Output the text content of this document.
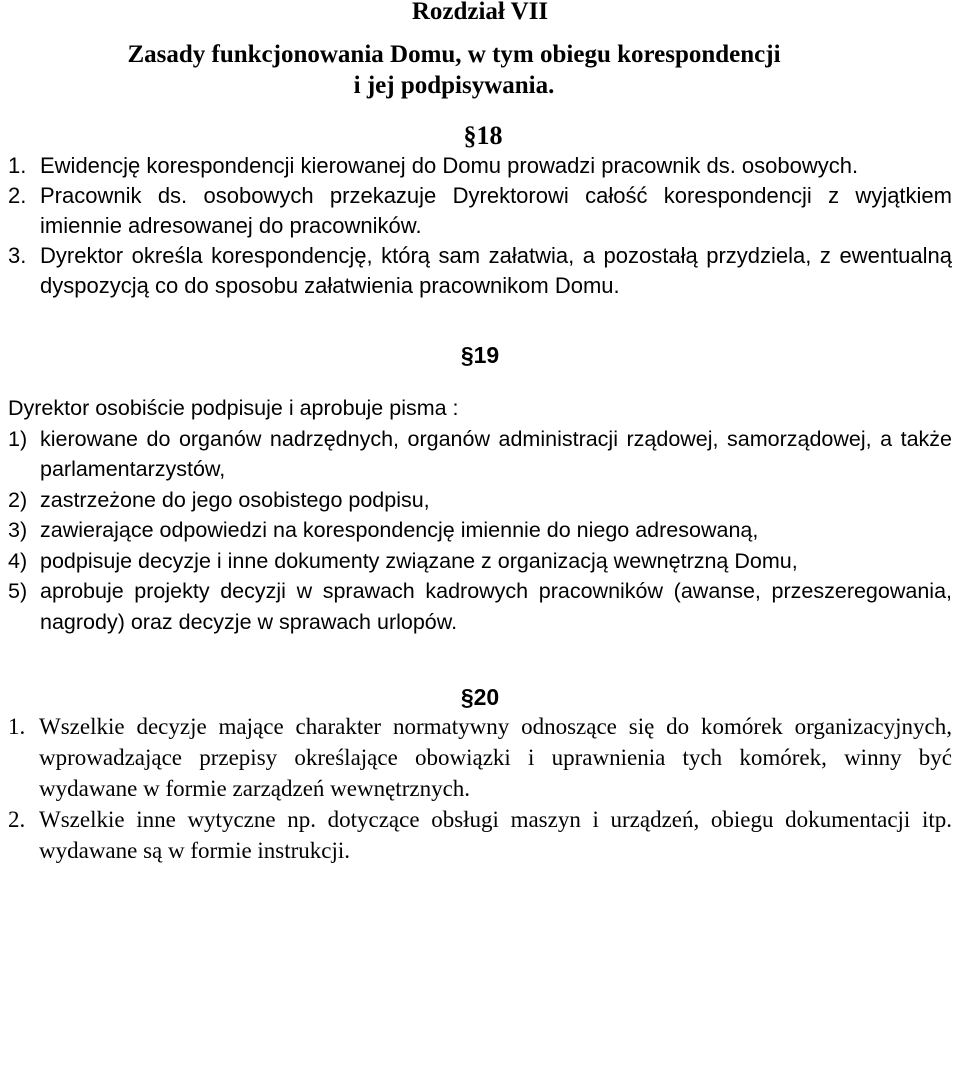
Rozdział VII
Zasady funkcjonowania Domu, w tym obiegu korespondencji
i jej podpisywania.
§18
1. Ewidencję korespondencji kierowanej do Domu prowadzi pracownik ds. osobowych.
2. Pracownik ds. osobowych przekazuje Dyrektorowi całość korespondencji z wyjątkiem imiennie adresowanej do pracowników.
3. Dyrektor określa korespondencję, którą sam załatwia, a pozostałą przydziela, z ewentualną dyspozycją co do sposobu załatwienia pracownikom Domu.
§19

Dyrektor osobiście podpisuje i aprobuje pisma :

1) kierowane do organów nadrzędnych, organów administracji rządowej, samorządowej, a także parlamentarzystów,
2) zastrzeżone do jego osobistego podpisu,
3) zawierające odpowiedzi na korespondencję imiennie do niego adresowaną,
4) podpisuje decyzje i inne dokumenty związane z organizacją wewnętrzną Domu,
5) aprobuje projekty decyzji w sprawach kadrowych pracowników (awanse, przeszeregowania, nagrody) oraz decyzje w sprawach urlopów.
§20
1. Wszelkie decyzje mające charakter normatywny odnoszące się do komórek organizacyjnych, wprowadzające przepisy określające obowiązki i uprawnienia tych komórek, winny być wydawane w formie zarządzeń wewnętrznych.
2. Wszelkie inne wytyczne np. dotyczące obsługi maszyn i urządzeń, obiegu dokumentacji itp. wydawane są w formie instrukcji.
